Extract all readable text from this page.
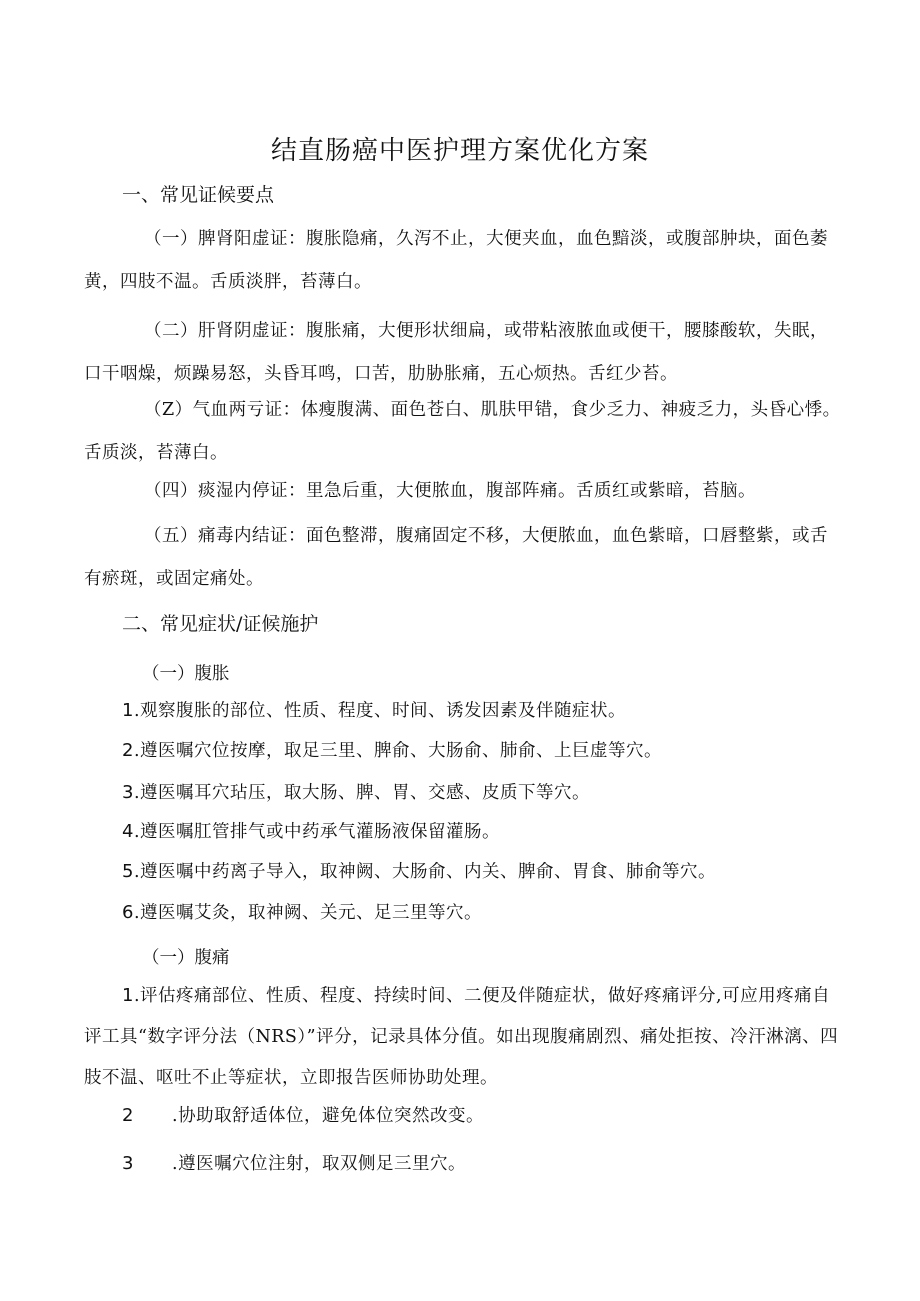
结直肠癌中医护理方案优化方案
一、常见证候要点
（一）脾肾阳虚证：腹胀隐痛，久泻不止，大便夹血，血色黯淡，或腹部肿块，面色萎黄，四肢不温。舌质淡胖，苔薄白。
（二）肝肾阴虚证：腹胀痛，大便形状细扁，或带粘液脓血或便干，腰膝酸软，失眠，口干咽燥，烦躁易怒，头昏耳鸣，口苦，肋胁胀痛，五心烦热。舌红少苔。
（Z）气血两亏证：体瘦腹满、面色苍白、肌肤甲错，食少乏力、神疲乏力，头昏心悸。舌质淡，苔薄白。
（四）痰湿内停证：里急后重，大便脓血，腹部阵痛。舌质红或紫暗，苔脑。
（五）痛毒内结证：面色整滞，腹痛固定不移，大便脓血，血色紫暗，口唇整紫，或舌有瘀斑，或固定痛处。
二、常见症状/证候施护
（一）腹胀
1.观察腹胀的部位、性质、程度、时间、诱发因素及伴随症状。
2.遵医嘱穴位按摩，取足三里、脾俞、大肠俞、肺俞、上巨虚等穴。
3.遵医嘱耳穴玷压，取大肠、脾、胃、交感、皮质下等穴。
4.遵医嘱肛管排气或中药承气灌肠液保留灌肠。
5.遵医嘱中药离子导入，取神阙、大肠俞、内关、脾俞、胃食、肺俞等穴。
6.遵医嘱艾灸，取神阙、关元、足三里等穴。
（一）腹痛
1.评估疼痛部位、性质、程度、持续时间、二便及伴随症状，做好疼痛评分,可应用疼痛自评工具“数字评分法（NRS）”评分，记录具体分值。如出现腹痛剧烈、痛处拒按、冷汗淋漓、四肢不温、呕吐不止等症状，立即报告医师协助处理。
2 .协助取舒适体位，避免体位突然改变。
3 .遵医嘱穴位注射，取双侧足三里穴。
